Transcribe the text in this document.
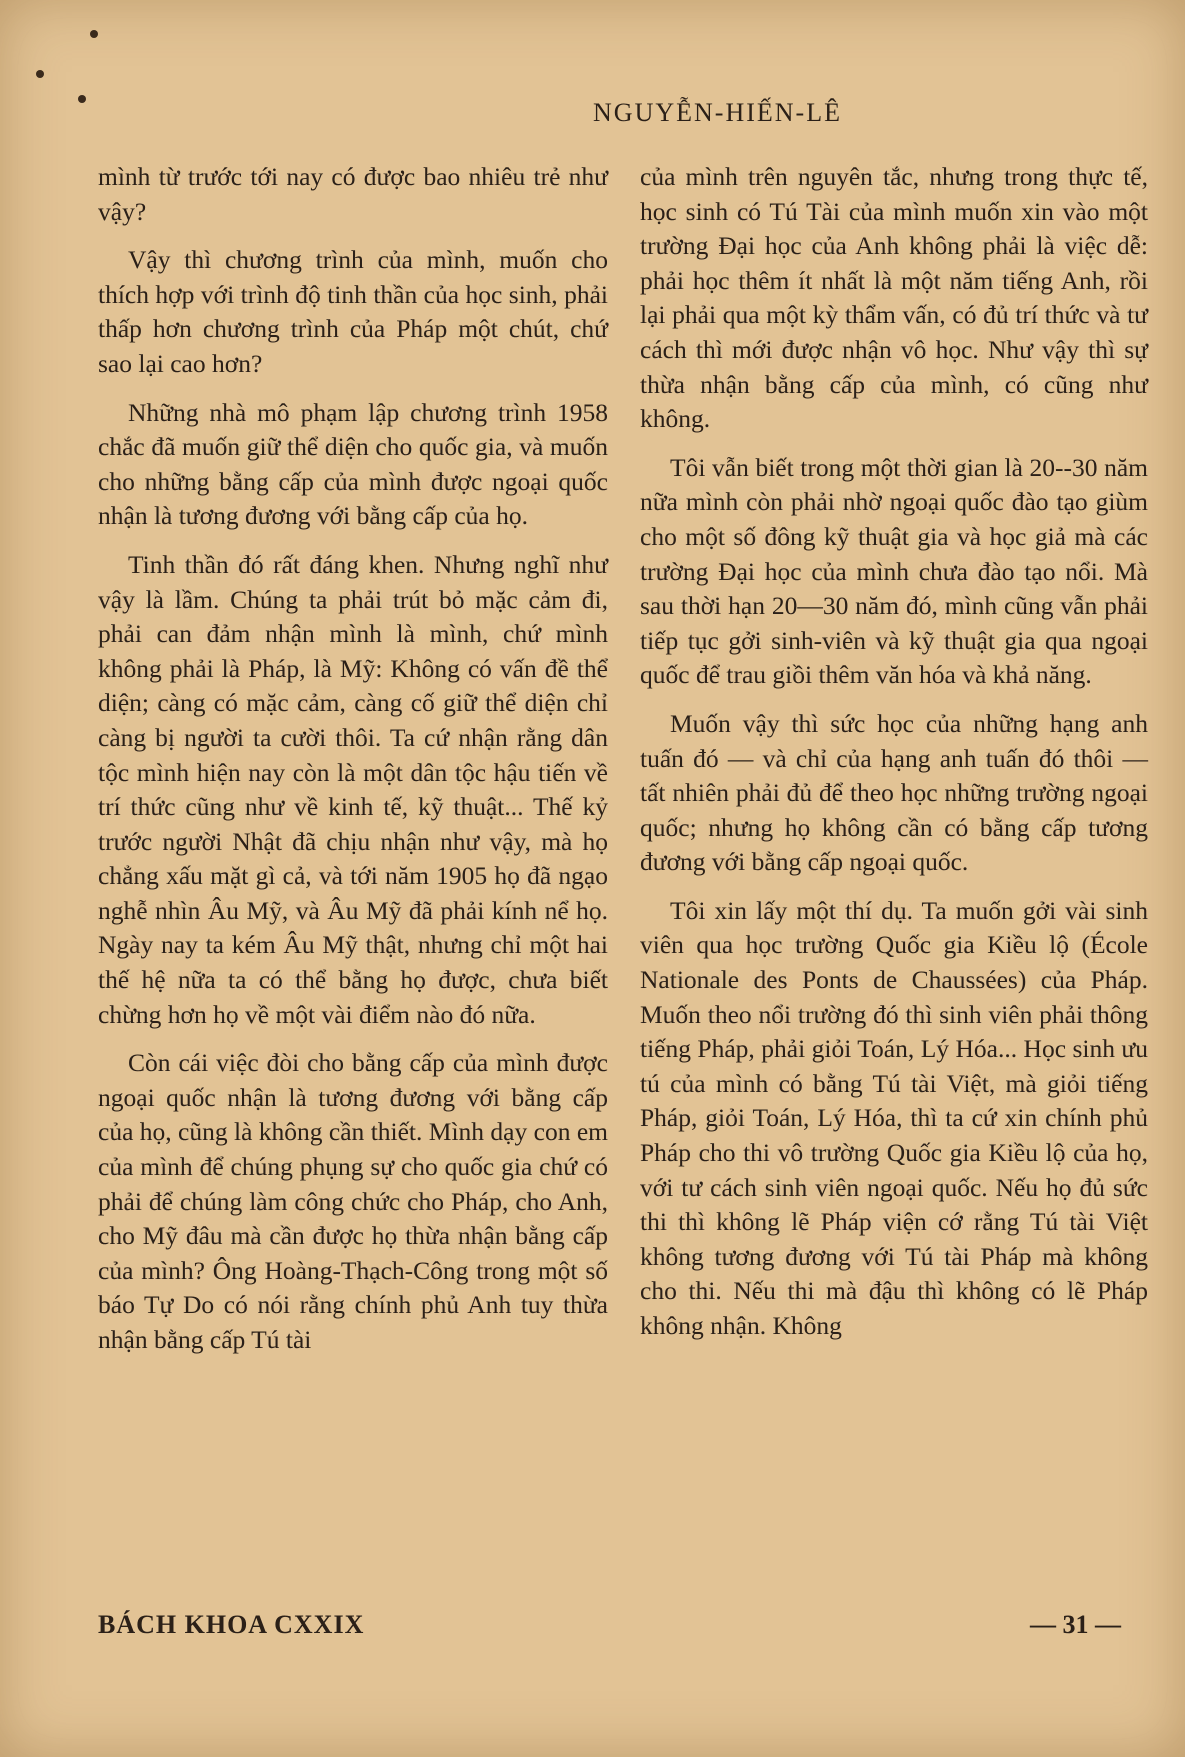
NGUYỄN-HIẾN-LÊ

mình từ trước tới nay có được bao nhiêu trẻ như vậy?

Vậy thì chương trình của mình, muốn cho thích hợp với trình độ tinh thần của học sinh, phải thấp hơn chương trình của Pháp một chút, chứ sao lại cao hơn?

Những nhà mô phạm lập chương trình 1958 chắc đã muốn giữ thể diện cho quốc gia, và muốn cho những bằng cấp của mình được ngoại quốc nhận là tương đương với bằng cấp của họ.

Tinh thần đó rất đáng khen. Nhưng nghĩ như vậy là lầm. Chúng ta phải trút bỏ mặc cảm đi, phải can đảm nhận mình là mình, chứ mình không phải là Pháp, là Mỹ: Không có vấn đề thể diện; càng có mặc cảm, càng cố giữ thể diện chỉ càng bị người ta cười thôi. Ta cứ nhận rằng dân tộc mình hiện nay còn là một dân tộc hậu tiến về trí thức cũng như về kinh tế, kỹ thuật... Thế kỷ trước người Nhật đã chịu nhận như vậy, mà họ chẳng xấu mặt gì cả, và tới năm 1905 họ đã ngạo nghễ nhìn Âu Mỹ, và Âu Mỹ đã phải kính nể họ. Ngày nay ta kém Âu Mỹ thật, nhưng chỉ một hai thế hệ nữa ta có thể bằng họ được, chưa biết chừng hơn họ về một vài điểm nào đó nữa.

Còn cái việc đòi cho bằng cấp của mình được ngoại quốc nhận là tương đương với bằng cấp của họ, cũng là không cần thiết. Mình dạy con em của mình để chúng phụng sự cho quốc gia chứ có phải để chúng làm công chức cho Pháp, cho Anh, cho Mỹ đâu mà cần được họ thừa nhận bằng cấp của mình? Ông Hoàng-Thạch-Công trong một số báo Tự Do có nói rằng chính phủ Anh tuy thừa nhận bằng cấp Tú tài

của mình trên nguyên tắc, nhưng trong thực tế, học sinh có Tú Tài của mình muốn xin vào một trường Đại học của Anh không phải là việc dễ: phải học thêm ít nhất là một năm tiếng Anh, rồi lại phải qua một kỳ thẩm vấn, có đủ trí thức và tư cách thì mới được nhận vô học. Như vậy thì sự thừa nhận bằng cấp của mình, có cũng như không.

Tôi vẫn biết trong một thời gian là 20--30 năm nữa mình còn phải nhờ ngoại quốc đào tạo giùm cho một số đông kỹ thuật gia và học giả mà các trường Đại học của mình chưa đào tạo nổi. Mà sau thời hạn 20—30 năm đó, mình cũng vẫn phải tiếp tục gởi sinh-viên và kỹ thuật gia qua ngoại quốc để trau giồi thêm văn hóa và khả năng.

Muốn vậy thì sức học của những hạng anh tuấn đó — và chỉ của hạng anh tuấn đó thôi — tất nhiên phải đủ để theo học những trường ngoại quốc; nhưng họ không cần có bằng cấp tương đương với bằng cấp ngoại quốc.

Tôi xin lấy một thí dụ. Ta muốn gởi vài sinh viên qua học trường Quốc gia Kiều lộ (École Nationale des Ponts de Chaussées) của Pháp. Muốn theo nổi trường đó thì sinh viên phải thông tiếng Pháp, phải giỏi Toán, Lý Hóa... Học sinh ưu tú của mình có bằng Tú tài Việt, mà giỏi tiếng Pháp, giỏi Toán, Lý Hóa, thì ta cứ xin chính phủ Pháp cho thi vô trường Quốc gia Kiều lộ của họ, với tư cách sinh viên ngoại quốc. Nếu họ đủ sức thi thì không lẽ Pháp viện cớ rằng Tú tài Việt không tương đương với Tú tài Pháp mà không cho thi. Nếu thi mà đậu thì không có lẽ Pháp không nhận. Không

BÁCH KHOA CXXIX	— 31 —
